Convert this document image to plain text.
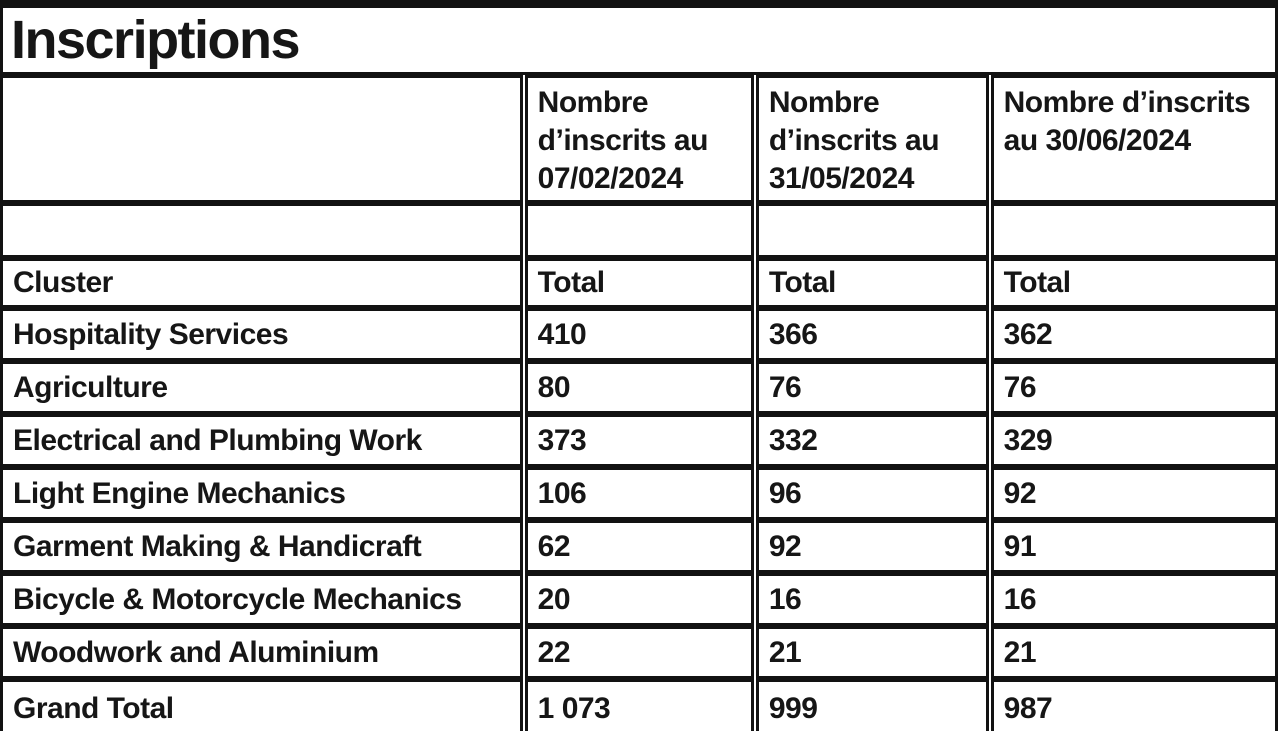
Inscriptions			
	Nombre d’inscrits au 07/02/2024	Nombre d’inscrits au 31/05/2024	Nombre d’inscrits au 30/06/2024

Cluster	Total	Total	Total
Hospitality Services	410	366	362
Agriculture	80	76	76
Electrical and Plumbing Work	373	332	329
Light Engine Mechanics	106	96	92
Garment Making & Handicraft	62	92	91
Bicycle & Motorcycle Mechanics	20	16	16
Woodwork and Aluminium	22	21	21
Grand Total	1 073	999	987
